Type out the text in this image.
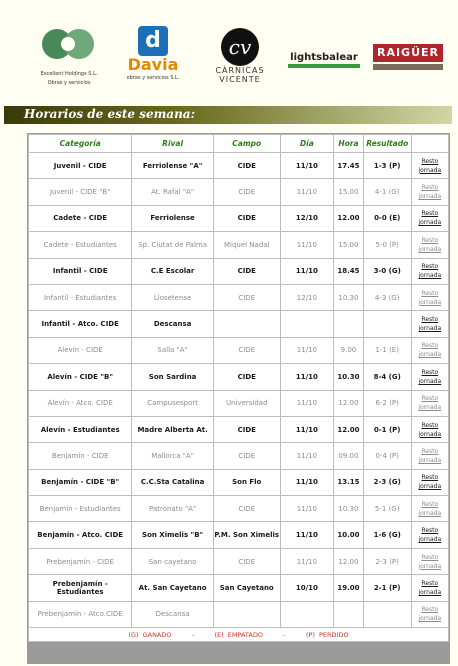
Excellent Holdings S.L.
Obras y servicios
d
Davia
obras y servicios S.L.
cv
CÀRNICAS
VICENTE
lightsbalear	RAIGÜER
Horarios de este semana:
Categoría	Rival	Campo	Día	Hora	Resultado	
Juvenil - CIDE	Ferriolense "A"	CIDE	11/10	17.45	1-3 (P)	Resto
jornada

Juvenil - CIDE "B"	At. Rafal "A"	CIDE	11/10	15.00	4-1 (G)	Resto
jornada

Cadete - CIDE	Ferriolense	CIDE	12/10	12.00	0-0 (E)	Resto
jornada

Cadete - Estudiantes	Sp. Ciutat de Palma	Miquel Nadal	11/10	15.00	5-0 (P)	Resto
jornada

Infantil - CIDE	C.E Escolar	CIDE	11/10	18.45	3-0 (G)	Resto
jornada

Infantil - Estudiantes	Llosetense	CIDE	12/10	10.30	4-3 (G)	Resto
jornada

Infantil - Atco. CIDE	Descansa					Resto
jornada

Alevín - CIDE	Salla "A"	CIDE	11/10	9.00	1-1 (E)	Resto
jornada

Alevín - CIDE "B"	Son Sardina	CIDE	11/10	10.30	8-4 (G)	Resto
jornada

Alevín - Atco. CIDE	Campusesport	Universidad	11/10	12.00	6-2 (P)	Resto
jornada

Alevín - Estudiantes	Madre Alberta At.	CIDE	11/10	12.00	0-1 (P)	Resto
jornada

Benjamín - CIDE	Mallorca "A"	CIDE	11/10	09.00	0-4 (P)	Resto
jornada

Benjamín - CIDE "B"	C.C.Sta Catalina	Son Flo	11/10	13.15	2-3 (G)	Resto
jornada

Benjamín - Estudiantes	Patronato "A"	CIDE	11/10	10.30	5-1 (G)	Resto
jornada

Benjamín - Atco. CIDE	Son Ximelis "B"	P.M. Son Ximelis	11/10	10.00	1-6 (G)	Resto
jornada

Prebenjamín - CIDE	San cayetano	CIDE	11/10	12.00	2-3 (P)	Resto
jornada

Prebenjamín - Estudiantes	At. San Cayetano	San Cayetano	10/10	19.00	2-1 (P)	Resto
jornada

Prebenjamín - Atco.CIDE	Descansa					Resto
jornada

(G) GANADO     -     (E) EMPATADO     -     (P) PERDIDO						
